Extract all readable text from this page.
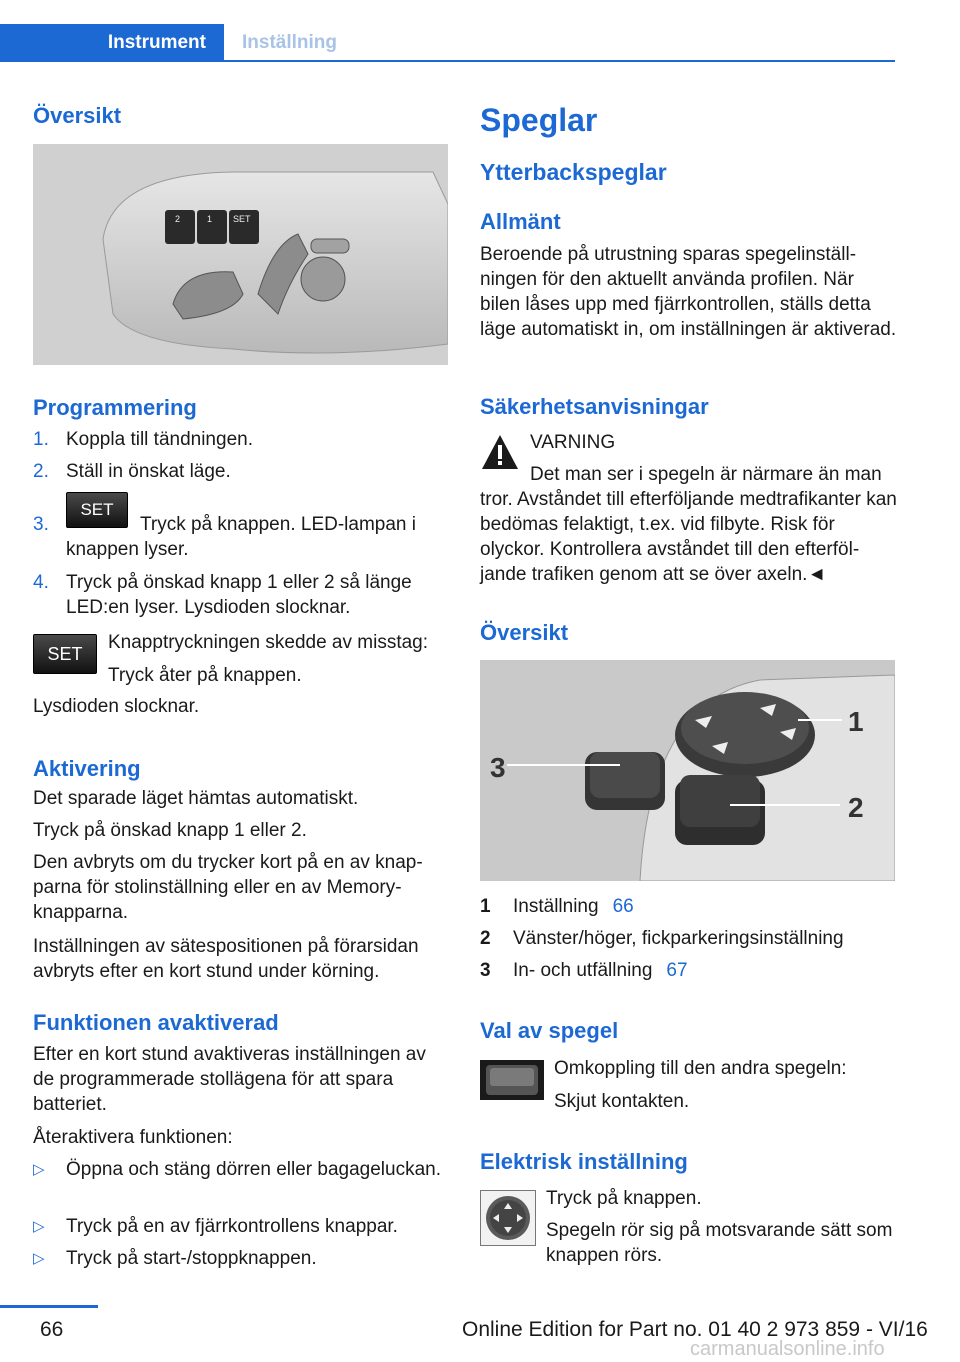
Instrument	Inställning
Översikt
2	1 SET
Programmering
1. Koppla till tändningen.
2. Ställ in önskat läge.
3.	Tryck på knappen. LED-lampan i knappen lyser.
SET
4. Tryck på önskad knapp 1 eller 2 så länge LED:en lyser. Lysdioden slocknar.
SET
Knapptryckningen skedde av misstag:
Tryck åter på knappen.
Lysdioden slocknar.
Aktivering
Det sparade läget hämtas automatiskt.
Tryck på önskad knapp 1 eller 2.
Den avbryts om du trycker kort på en av knapparna för stolinställning eller en av Memory-knapparna.
Inställningen av sätespositionen på förarsidan avbryts efter en kort stund under körning.
Funktionen avaktiverad
Efter en kort stund avaktiveras inställningen av de programmerade stollägena för att spara batteriet.
Återaktivera funktionen:
▷ Öppna och stäng dörren eller bagageluckan.
▷ Tryck på en av fjärrkontrollens knappar.
▷ Tryck på start-/stoppknappen.
Speglar
Ytterbackspeglar
Allmänt
Beroende på utrustning sparas spegelinställningen för den aktuellt använda profilen. När bilen låses upp med fjärrkontrollen, ställs detta läge automatiskt in, om inställningen är aktiverad.
Säkerhetsanvisningar
VARNING
Det man ser i spegeln är närmare än man tror. Avståndet till efterföljande medtrafikanter kan bedömas felaktigt, t.ex. vid filbyte. Risk för olyckor. Kontrollera avståndet till den efterföljande trafiken genom att se över axeln.◄
Översikt
3
1
2
1 Inställning 66
2 Vänster/höger, fickparkeringsinställning
3 In- och utfällning 67
Val av spegel
Omkoppling till den andra spegeln:
Skjut kontakten.
Elektrisk inställning
Tryck på knappen.
Spegeln rör sig på motsvarande sätt som knappen rörs.
66	Online Edition for Part no. 01 40 2 973 859 - VI/16
carmanualsonline.info
